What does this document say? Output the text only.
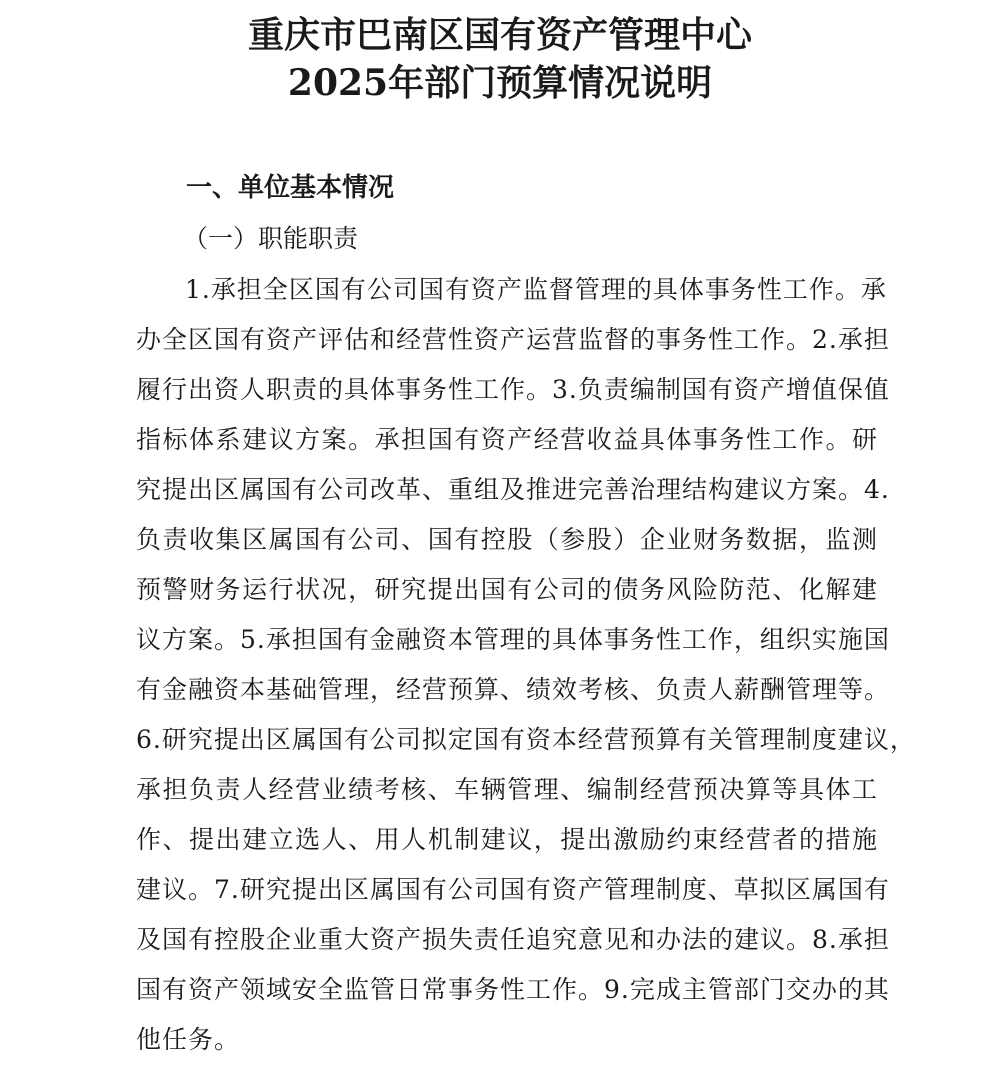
重庆市巴南区国有资产管理中心
2025年部门预算情况说明
一、单位基本情况
（一）职能职责
1.承担全区国有公司国有资产监督管理的具体事务性工作。承
办全区国有资产评估和经营性资产运营监督的事务性工作。2.承担
履行出资人职责的具体事务性工作。3.负责编制国有资产增值保值
指标体系建议方案。承担国有资产经营收益具体事务性工作。研
究提出区属国有公司改革、重组及推进完善治理结构建议方案。4.
负责收集区属国有公司、国有控股（参股）企业财务数据，监测
预警财务运行状况，研究提出国有公司的债务风险防范、化解建
议方案。5.承担国有金融资本管理的具体事务性工作，组织实施国
有金融资本基础管理，经营预算、绩效考核、负责人薪酬管理等。
6.研究提出区属国有公司拟定国有资本经营预算有关管理制度建议，
承担负责人经营业绩考核、车辆管理、编制经营预决算等具体工
作、提出建立选人、用人机制建议，提出激励约束经营者的措施
建议。7.研究提出区属国有公司国有资产管理制度、草拟区属国有
及国有控股企业重大资产损失责任追究意见和办法的建议。8.承担
国有资产领域安全监管日常事务性工作。9.完成主管部门交办的其
他任务。
